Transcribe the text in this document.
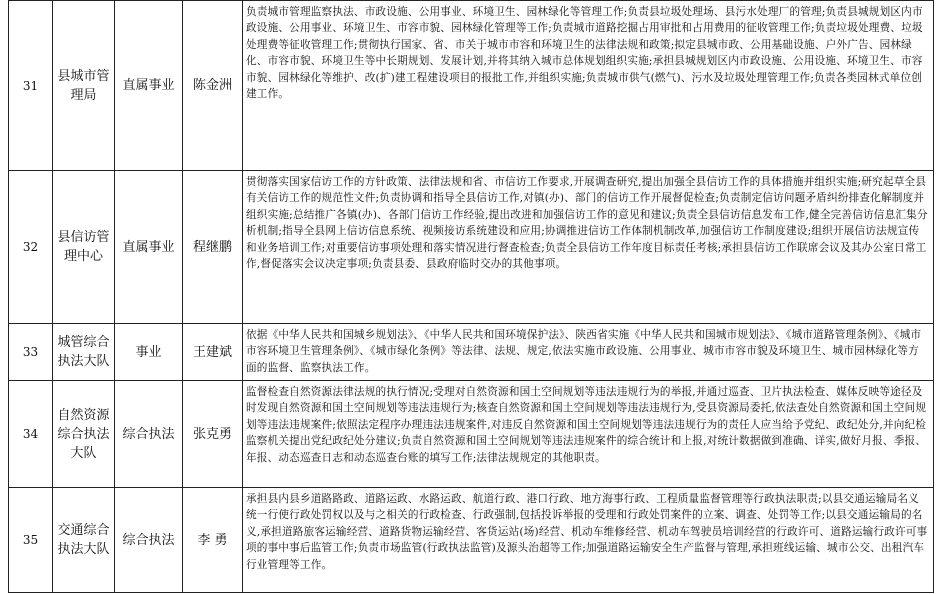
31	县城市管理局	直属事业	陈金洲	负责城市管理监察执法、市政设施、公用事业、环境卫生、园林绿化等管理工作;负责县垃圾处理场、县污水处理厂的管理;负责县城规划区内市政设施、公用事业、环境卫生、市容市貌、园林绿化管理等工作;负责城市道路挖掘占用审批和占用费用的征收管理工作;负责垃圾处理费、垃圾处理费等征收管理工作;贯彻执行国家、省、市关于城市市容和环境卫生的法律法规和政策;拟定县城市政、公用基础设施、户外广告、园林绿化、市容市貌、环境卫生等中长期规划、发展计划,并将其纳入城市总体规划组织实施;承担县城规划区内市政设施、公用设施、环境卫生、市容市貌、园林绿化等维护、改(扩)建工程建设项目的报批工作,并组织实施;负责城市供气(燃气)、污水及垃圾处理管理工作;负责各类园林式单位创建工作。
32	县信访管理中心	直属事业	程继鹏	贯彻落实国家信访工作的方针政策、法律法规和省、市信访工作要求,开展调查研究,提出加强全县信访工作的具体措施并组织实施;研究起草全县有关信访工作的规范性文件;负责协调和指导全县信访工作,对镇(办)、部门的信访工作开展督促检查;负责制定信访问题矛盾纠纷排查化解制度并组织实施;总结推广各镇(办)、各部门信访工作经验,提出改进和加强信访工作的意见和建议;负责全县信访信息发布工作,健全完善信访信息汇集分析机制;指导全县网上信访信息系统、视频接访系统建设和应用;协调推进信访工作体制机制改革,加强信访工作制度建设;组织开展信访法规宣传和业务培训工作;对重要信访事项处理和落实情况进行督查检查;负责全县信访工作年度目标责任考核;承担县信访工作联席会议及其办公室日常工作,督促落实会议决定事项;负责县委、县政府临时交办的其他事项。
33	城管综合执法大队	事业	王建斌	依据《中华人民共和国城乡规划法》、《中华人民共和国环境保护法》、陕西省实施《中华人民共和国城市规划法》、《城市道路管理条例》、《城市市容环境卫生管理条例》、《城市绿化条例》等法律、法规、规定,依法实施市政设施、公用事业、城市市容市貌及环境卫生、城市园林绿化等方面的监督、监察执法工作。
34	自然资源综合执法大队	综合执法	张克勇	监督检查自然资源法律法规的执行情况;受理对自然资源和国土空间规划等违法违规行为的举报,并通过巡查、卫片执法检查、媒体反映等途径及时发现自然资源和国土空间规划等违法违规行为;核查自然资源和国土空间规划等违法违规行为,受县资源局委托,依法查处自然资源和国土空间规划等违法违规案件;依照法定程序办理违法违规案件,对违反自然资源和国土空间规划等违法违规行为的责任人应当给予党纪、政纪处分,并向纪检监察机关提出党纪政纪处分建议;负责自然资源和国土空间规划等违法违规案件的综合统计和上报,对统计数据做到准确、详实,做好月报、季报、年报、动态巡查日志和动态巡查台账的填写工作;法律法规规定的其他职责。
35	交通综合执法大队	综合执法	李 勇	承担县内县乡道路路政、道路运政、水路运政、航道行政、港口行政、地方海事行政、工程质量监督管理等行政执法职责;以县交通运输局名义统一行使行政处罚权以及与之相关的行政检查、行政强制,包括投诉举报的受理和行政处罚案件的立案、调查、处罚等工作;以县交通运输局的名义,承担道路旅客运输经营、道路货物运输经营、客货运站(场)经营、机动车维修经营、机动车驾驶员培训经营的行政许可、道路运输行政许可事项的事中事后监管工作;负责市场监管(行政执法监管)及源头治超等工作;加强道路运输安全生产监督与管理,承担班线运输、城市公交、出租汽车行业管理等工作。
